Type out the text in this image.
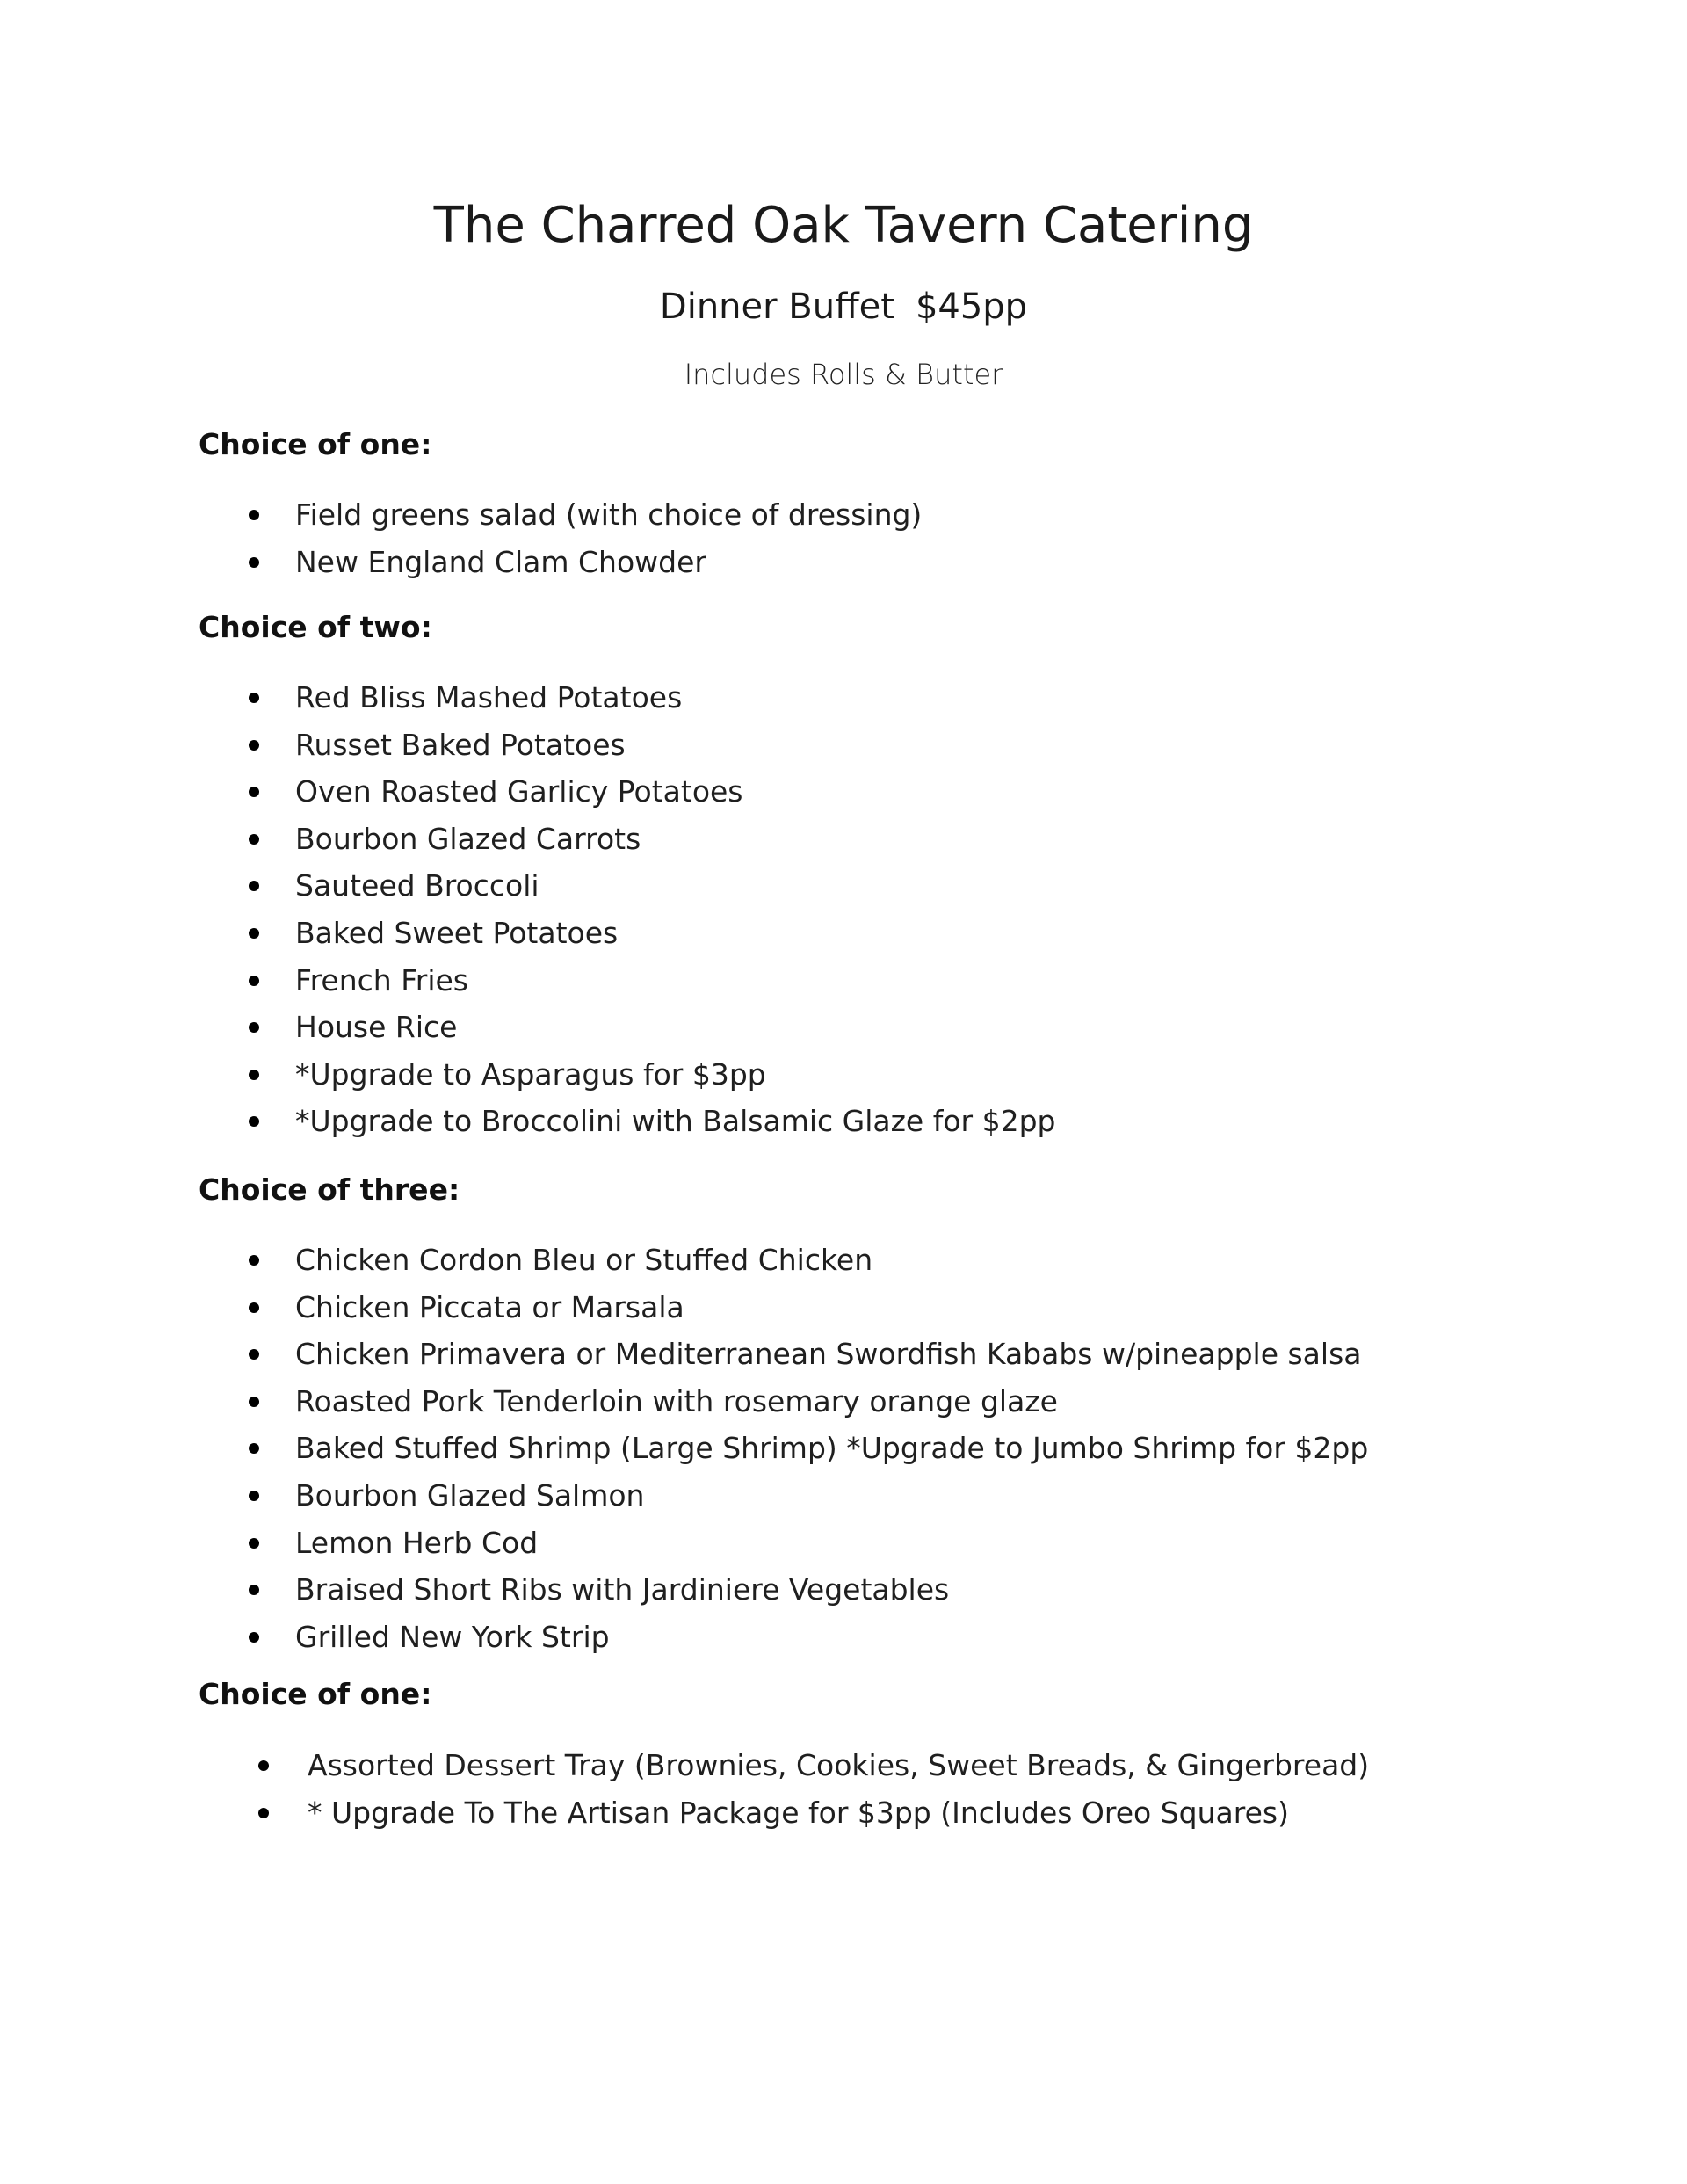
The Charred Oak Tavern Catering
Dinner Buffet $45pp

Includes Rolls & Butter

Choice of one:
Field greens salad (with choice of dressing)
New England Clam Chowder
Choice of two:
Red Bliss Mashed Potatoes
Russet Baked Potatoes
Oven Roasted Garlicy Potatoes
Bourbon Glazed Carrots
Sauteed Broccoli
Baked Sweet Potatoes
French Fries
House Rice
*Upgrade to Asparagus for $3pp
*Upgrade to Broccolini with Balsamic Glaze for $2pp
Choice of three:
Chicken Cordon Bleu or Stuffed Chicken
Chicken Piccata or Marsala
Chicken Primavera or Mediterranean Swordfish Kababs w/pineapple salsa
Roasted Pork Tenderloin with rosemary orange glaze
Baked Stuffed Shrimp (Large Shrimp) *Upgrade to Jumbo Shrimp for $2pp
Bourbon Glazed Salmon
Lemon Herb Cod
Braised Short Ribs with Jardiniere Vegetables
Grilled New York Strip
Choice of one:
Assorted Dessert Tray (Brownies, Cookies, Sweet Breads, & Gingerbread)
* Upgrade To The Artisan Package for $3pp (Includes Oreo Squares)
